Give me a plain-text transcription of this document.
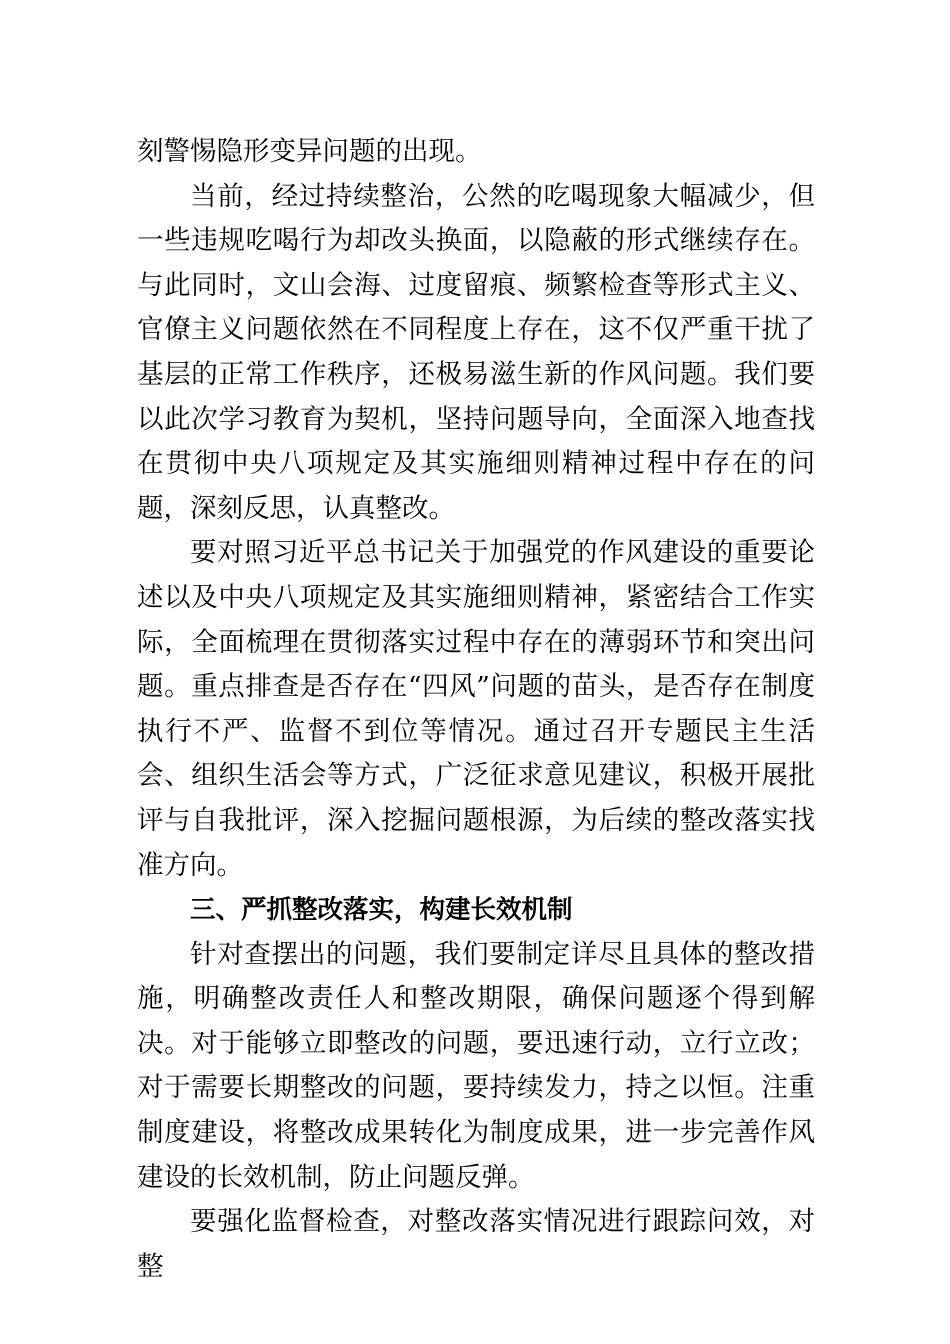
刻警惕隐形变异问题的出现。

当前，经过持续整治，公然的吃喝现象大幅减少，但一些违规吃喝行为却改头换面，以隐蔽的形式继续存在。与此同时，文山会海、过度留痕、频繁检查等形式主义、官僚主义问题依然在不同程度上存在，这不仅严重干扰了基层的正常工作秩序，还极易滋生新的作风问题。我们要以此次学习教育为契机，坚持问题导向，全面深入地查找在贯彻中央八项规定及其实施细则精神过程中存在的问题，深刻反思，认真整改。

要对照习近平总书记关于加强党的作风建设的重要论述以及中央八项规定及其实施细则精神，紧密结合工作实际，全面梳理在贯彻落实过程中存在的薄弱环节和突出问题。重点排查是否存在“四风”问题的苗头，是否存在制度执行不严、监督不到位等情况。通过召开专题民主生活会、组织生活会等方式，广泛征求意见建议，积极开展批评与自我批评，深入挖掘问题根源，为后续的整改落实找准方向。

三、严抓整改落实，构建长效机制

针对查摆出的问题，我们要制定详尽且具体的整改措施，明确整改责任人和整改期限，确保问题逐个得到解决。对于能够立即整改的问题，要迅速行动，立行立改；对于需要长期整改的问题，要持续发力，持之以恒。注重制度建设，将整改成果转化为制度成果，进一步完善作风建设的长效机制，防止问题反弹。

要强化监督检查，对整改落实情况进行跟踪问效，对整
